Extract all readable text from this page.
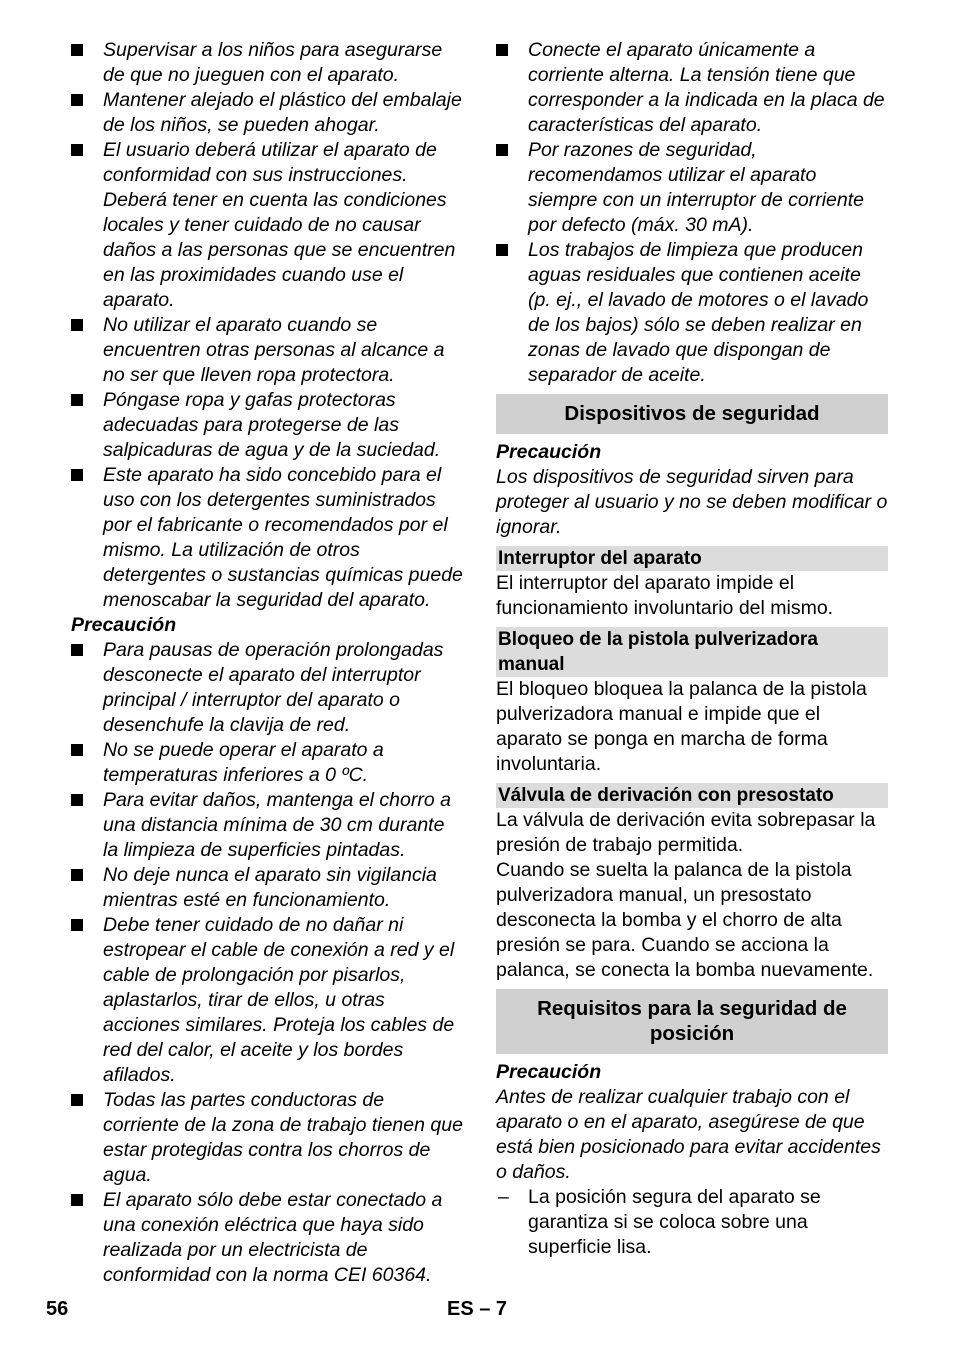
Supervisar a los niños para asegurarse de que no jueguen con el aparato.
Mantener alejado el plástico del embalaje de los niños, se pueden ahogar.
El usuario deberá utilizar el aparato de conformidad con sus instrucciones. Deberá tener en cuenta las condiciones locales y tener cuidado de no causar daños a las personas que se encuentren en las proximidades cuando use el aparato.
No utilizar el aparato cuando se encuentren otras personas al alcance a no ser que lleven ropa protectora.
Póngase ropa y gafas protectoras adecuadas para protegerse de las salpicaduras de agua y de la suciedad.
Este aparato ha sido concebido para el uso con los detergentes suministrados por el fabricante o recomendados por el mismo. La utilización de otros detergentes o sustancias químicas puede menoscabar la seguridad del aparato.
Precaución
Para pausas de operación prolongadas desconecte el aparato del interruptor principal / interruptor del aparato o desenchufe la clavija de red.
No se puede operar el aparato a temperaturas inferiores a 0 ºC.
Para evitar daños, mantenga el chorro a una distancia mínima de 30 cm durante la limpieza de superficies pintadas.
No deje nunca el aparato sin vigilancia mientras esté en funcionamiento.
Debe tener cuidado de no dañar ni estropear el cable de conexión a red y el cable de prolongación por pisarlos, aplastarlos, tirar de ellos, u otras acciones similares. Proteja los cables de red del calor, el aceite y los bordes afilados.
Todas las partes conductoras de corriente de la zona de trabajo tienen que estar protegidas contra los chorros de agua.
El aparato sólo debe estar conectado a una conexión eléctrica que haya sido realizada por un electricista de conformidad con la norma CEI 60364.
Conecte el aparato únicamente a corriente alterna. La tensión tiene que corresponder a la indicada en la placa de características del aparato.
Por razones de seguridad, recomendamos utilizar el aparato siempre con un interruptor de corriente por defecto (máx. 30 mA).
Los trabajos de limpieza que producen aguas residuales que contienen aceite (p. ej., el lavado de motores o el lavado de los bajos) sólo se deben realizar en zonas de lavado que dispongan de separador de aceite.
Dispositivos de seguridad
Precaución
Los dispositivos de seguridad sirven para proteger al usuario y no se deben modificar o ignorar.
Interruptor del aparato
El interruptor del aparato impide el funcionamiento involuntario del mismo.
Bloqueo de la pistola pulverizadora manual
El bloqueo bloquea la palanca de la pistola pulverizadora manual e impide que el aparato se ponga en marcha de forma involuntaria.
Válvula de derivación con presostato
La válvula de derivación evita sobrepasar la presión de trabajo permitida.
Cuando se suelta la palanca de la pistola pulverizadora manual, un presostato desconecta la bomba y el chorro de alta presión se para. Cuando se acciona la palanca, se conecta la bomba nuevamente.
Requisitos para la seguridad de posición
Precaución
Antes de realizar cualquier trabajo con el aparato o en el aparato, asegúrese de que está bien posicionado para evitar accidentes o daños.
– La posición segura del aparato se garantiza si se coloca sobre una superficie lisa.
56	ES – 7
